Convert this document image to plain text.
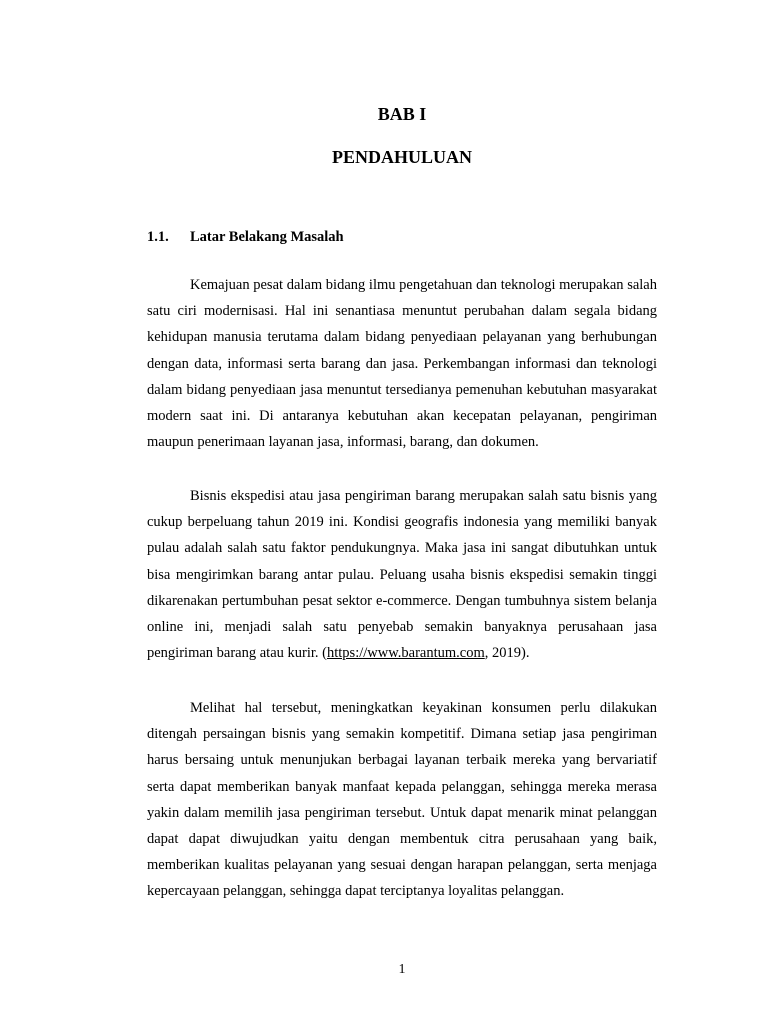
BAB I
PENDAHULUAN
1.1. Latar Belakang Masalah

Kemajuan pesat dalam bidang ilmu pengetahuan dan teknologi merupakan salah satu ciri modernisasi. Hal ini senantiasa menuntut perubahan dalam segala bidang kehidupan manusia terutama dalam bidang penyediaan pelayanan yang berhubungan dengan data, informasi serta barang dan jasa. Perkembangan informasi dan teknologi dalam bidang penyediaan jasa menuntut tersedianya pemenuhan kebutuhan masyarakat modern saat ini. Di antaranya kebutuhan akan kecepatan pelayanan, pengiriman maupun penerimaan layanan jasa, informasi, barang, dan dokumen.

Bisnis ekspedisi atau jasa pengiriman barang merupakan salah satu bisnis yang cukup berpeluang tahun 2019 ini. Kondisi geografis indonesia yang memiliki banyak pulau adalah salah satu faktor pendukungnya. Maka jasa ini sangat dibutuhkan untuk bisa mengirimkan barang antar pulau. Peluang usaha bisnis ekspedisi semakin tinggi dikarenakan pertumbuhan pesat sektor e-commerce. Dengan tumbuhnya sistem belanja online ini, menjadi salah satu penyebab semakin banyaknya perusahaan jasa pengiriman barang atau kurir. (https://www.barantum.com, 2019).

Melihat hal tersebut, meningkatkan keyakinan konsumen perlu dilakukan ditengah persaingan bisnis yang semakin kompetitif. Dimana setiap jasa pengiriman harus bersaing untuk menunjukan berbagai layanan terbaik mereka yang bervariatif serta dapat memberikan banyak manfaat kepada pelanggan, sehingga mereka merasa yakin dalam memilih jasa pengiriman tersebut. Untuk dapat menarik minat pelanggan dapat dapat diwujudkan yaitu dengan membentuk citra perusahaan yang baik, memberikan kualitas pelayanan yang sesuai dengan harapan pelanggan, serta menjaga kepercayaan pelanggan, sehingga dapat terciptanya loyalitas pelanggan.

1
